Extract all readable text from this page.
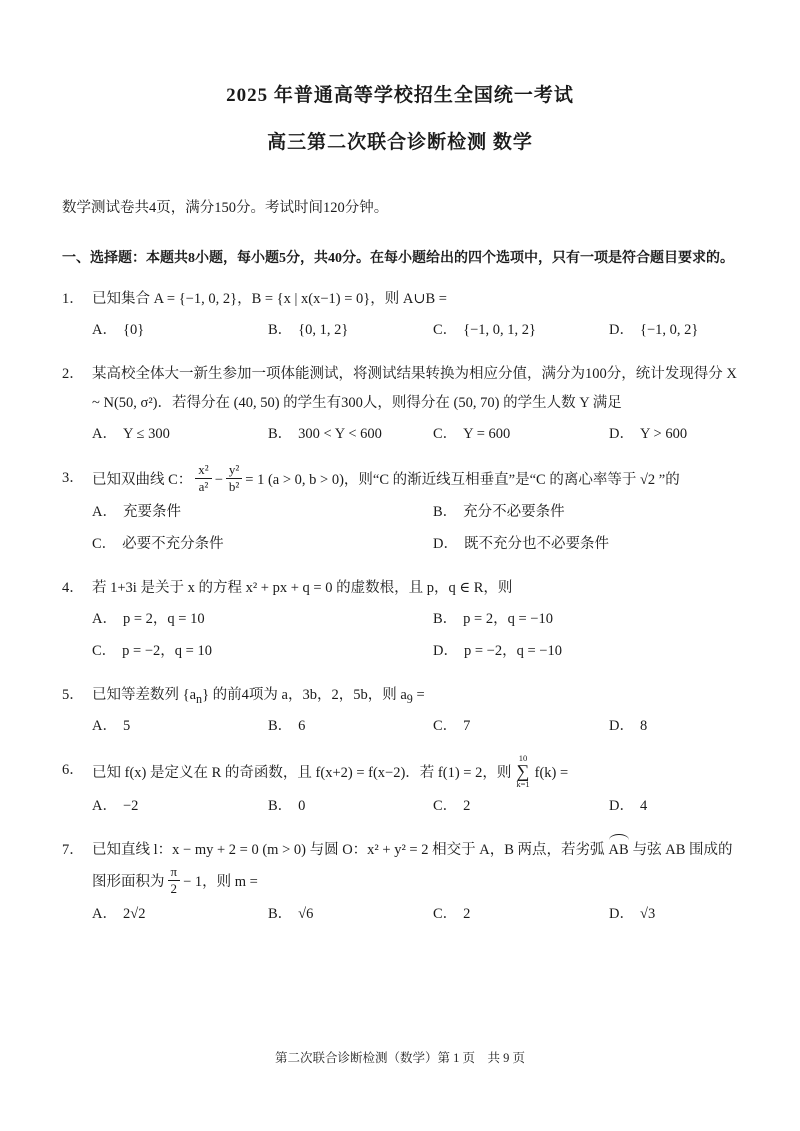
2025 年普通高等学校招生全国统一考试
高三第二次联合诊断检测 数学
数学测试卷共4页，满分150分。考试时间120分钟。
一、选择题：本题共8小题，每小题5分，共40分。在每小题给出的四个选项中，只有一项是符合题目要求的。
1． 已知集合 A = {−1, 0, 2}，B = {x | x(x−1) = 0}，则 A∪B =
A． {0}	B． {0, 1, 2}	C． {−1, 0, 1, 2}	D． {−1, 0, 2}
2． 某高校全体大一新生参加一项体能测试，将测试结果转换为相应分值，满分为100分，统计发现得分 X ~ N(50, σ²)．若得分在 (40, 50) 的学生有300人，则得分在 (50, 70) 的学生人数 Y 满足
A． Y ≤ 300	B． 300 < Y < 600	C． Y = 600	D． Y > 600
3． 已知双曲线 C： $\frac{\text{x²}}{\text{a²}} - \frac{\text{y²}}{\text{b²}} = 1$ (a > 0, b > 0)，则“C 的渐近线互相垂直”是“C 的离心率等于 √2 ”的
A． 充要条件	B． 充分不必要条件
C． 必要不充分条件	D． 既不充分也不必要条件
4． 若 1+3i 是关于 x 的方程 x² + px + q = 0 的虚数根，且 p，q ∈ R，则
A． p = 2，q = 10	B． p = 2，q = −10
C． p = −2，q = 10	D． p = −2，q = −10
5． 已知等差数列 $\{a_n\}$ 的前4项为 a，3b，2，5b，则 $a_9$ =
A． 5	B． 6	C． 7	D． 8
6． 已知 f(x) 是定义在 R 的奇函数，且 f(x+2) = f(x−2)．若 f(1) = 2，则
10
∑
k=1
f(k) =
A． −2	B． 0	C． 2	D． 4
7． 已知直线 l：x − my + 2 = 0 (m > 0) 与圆 O：x² + y² = 2 相交于 A，B 两点，若劣弧 AB 与弦 AB 围成的图形面积为 $\frac{\pi}{2} - 1$，则 m =
A． 2√2	B． √6	C． 2	D． √3
第二次联合诊断检测（数学）第 1 页　共 9 页
